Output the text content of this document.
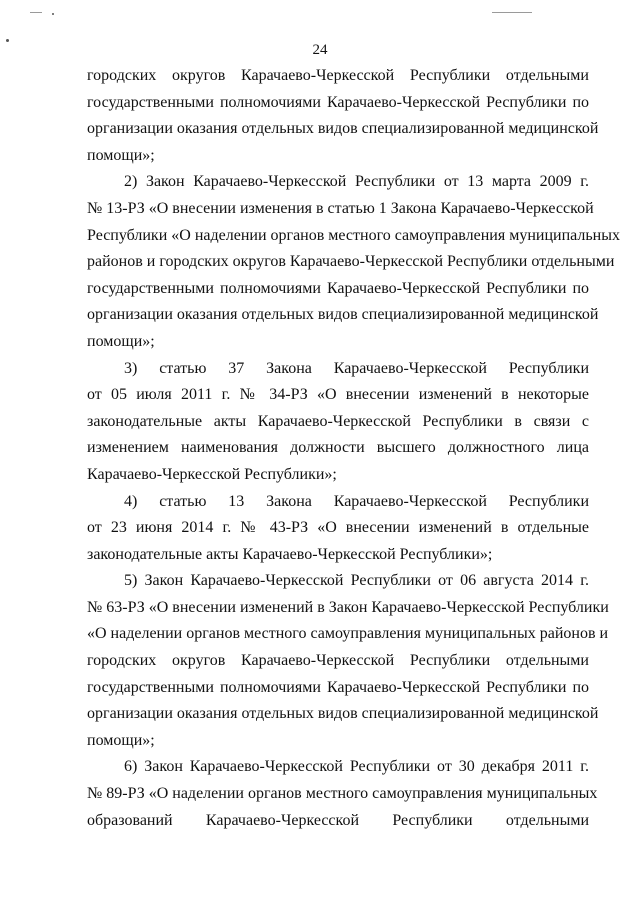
24
городских округов Карачаево-Черкесской Республики отдельными
государственными полномочиями Карачаево-Черкесской Республики по
организации оказания отдельных видов специализированной медицинской
помощи»;
2) Закон Карачаево-Черкесской Республики от 13 марта 2009 г.
№ 13-РЗ «О внесении изменения в статью 1 Закона Карачаево-Черкесской
Республики «О наделении органов местного самоуправления муниципальных
районов и городских округов Карачаево-Черкесской Республики отдельными
государственными полномочиями Карачаево-Черкесской Республики по
организации оказания отдельных видов специализированной медицинской
помощи»;
3) статью 37 Закона Карачаево-Черкесской Республики
от 05 июля 2011 г. № 34-РЗ «О внесении изменений в некоторые
законодательные акты Карачаево-Черкесской Республики в связи с
изменением наименования должности высшего должностного лица
Карачаево-Черкесской Республики»;
4) статью 13 Закона Карачаево-Черкесской Республики
от 23 июня 2014 г. № 43-РЗ «О внесении изменений в отдельные
законодательные акты Карачаево-Черкесской Республики»;
5) Закон Карачаево-Черкесской Республики от 06 августа 2014 г.
№ 63-РЗ «О внесении изменений в Закон Карачаево-Черкесской Республики
«О наделении органов местного самоуправления муниципальных районов и
городских округов Карачаево-Черкесской Республики отдельными
государственными полномочиями Карачаево-Черкесской Республики по
организации оказания отдельных видов специализированной медицинской
помощи»;
6) Закон Карачаево-Черкесской Республики от 30 декабря 2011 г.
№ 89-РЗ «О наделении органов местного самоуправления муниципальных
образований Карачаево-Черкесской Республики отдельными
